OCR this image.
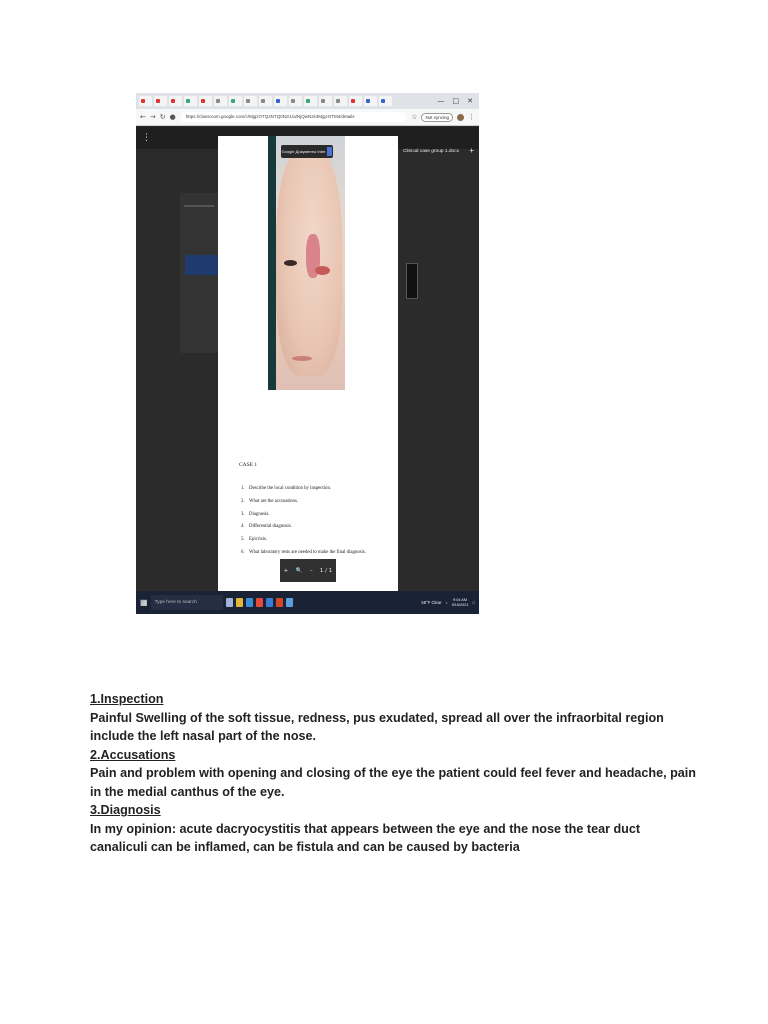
— □ ✕
← → ↻ ●	https://classroom.google.com/c/MjgzOTQ4NTQ0NzI1/a/NjQwNzk3MjgzOTM4/details	☆	Not syncing	⋮
⋮
Clinical case group 1.docx +
Google Документы Inter
CASE 1
1. Describe the local condition by inspection.
2. What are the accusations.
3. Diagnosis.
4. Differential diagnosis.
5. Epicrisis.
6. What laboratory tests are needed to make the final diagnosis.
+ 🔍 – 1 / 1
▦	Type here to search	58°F Clear ♪
9:04 AM
9/16/2021 □

1.Inspection

Painful Swelling of the soft tissue, redness, pus exudated, spread all over the infraorbital region include the left nasal part of the nose.

2.Accusations

Pain and problem with opening and closing of the eye the patient could feel fever and headache, pain in the medial canthus of the eye.

3.Diagnosis

In my opinion: acute dacryocystitis that appears between the eye and the nose the tear duct canaliculi can be inflamed, can be fistula and can be caused by bacteria
